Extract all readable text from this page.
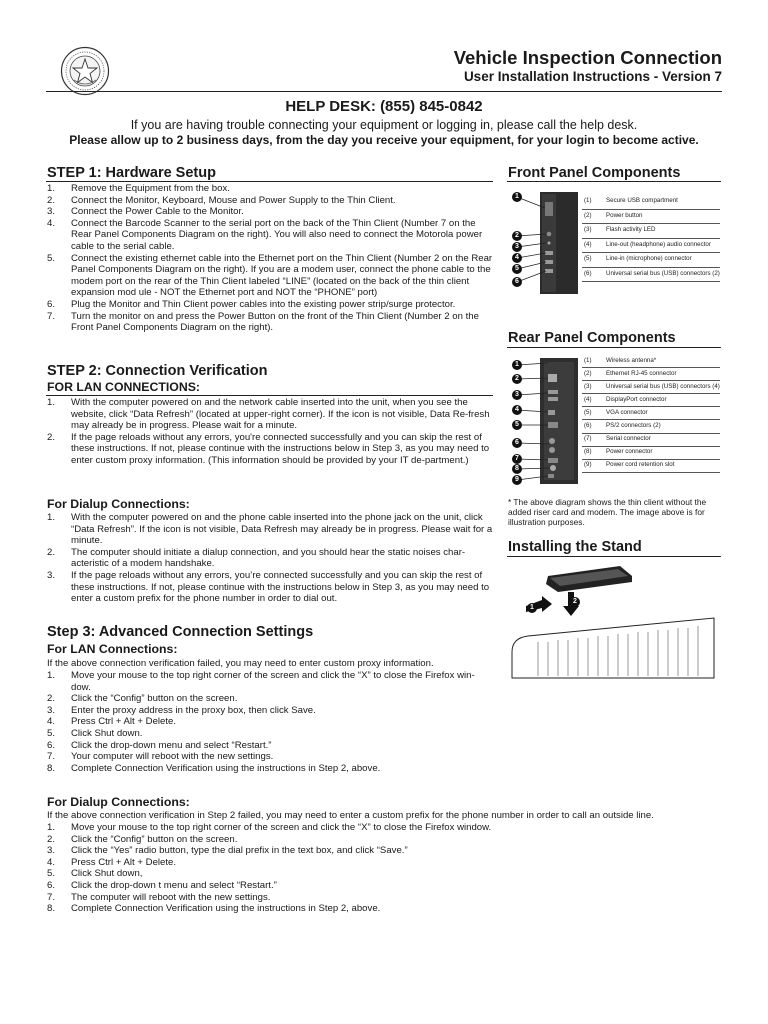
Vehicle Inspection Connection
User Installation Instructions - Version 7
HELP DESK: (855) 845-0842
If you are having trouble connecting your equipment or logging in, please call the help desk.
Please allow up to 2 business days, from the day you receive your equipment, for your login to become active.
STEP 1: Hardware Setup
1. Remove the Equipment from the box.
2. Connect the Monitor, Keyboard, Mouse and Power Supply to the Thin Client.
3. Connect the Power Cable to the Monitor.
4. Connect the Barcode Scanner to the serial port on the back of the Thin Client (Number 7 on the Rear Panel Components Diagram on the right). You will also need to connect the Motorola power cable to the serial cable.
5. Connect the existing ethernet cable into the Ethernet port on the Thin Client (Number 2 on the Rear Panel Components Diagram on the right). If you are a modem user, connect the phone cable to the modem port on the rear of the Thin Client labeled “LINE” (located on the back of the thin client expansion mod ule - NOT the Ethernet port and NOT the “PHONE” port)
6. Plug the Monitor and Thin Client power cables into the existing power strip/surge protector.
7. Turn the monitor on and press the Power Button on the front of the Thin Client (Number 2 on the Front Panel Components Diagram on the right).
STEP 2: Connection Verification
FOR LAN CONNECTIONS:
1. With the computer powered on and the network cable inserted into the unit, when you see the website, click “Data Refresh” (located at upper-right corner). If the icon is not visible, Data Re-fresh may already be in progress. Please wait for a minute.
2. If the page reloads without any errors, you're connected successfully and you can skip the rest of these instructions. If not, please continue with the instructions below in Step 3, as you may need to enter custom proxy information. (This information should be provided by your IT de-partment.)
For Dialup Connections:
1. With the computer powered on and the phone cable inserted into the phone jack on the unit, click “Data Refresh”. If the icon is not visible, Data Refresh may already be in progress. Please wait for a minute.
2. The computer should initiate a dialup connection, and you should hear the static noises char-acteristic of a modem handshake.
3. If the page reloads without any errors, you’re connected successfully and you can skip the rest of these instructions. If not, please continue with the instructions below in Step 3, as you may need to enter a custom prefix for the phone number in order to dial out.
Step 3: Advanced Connection Settings
For LAN Connections:

If the above connection verification failed, you may need to enter custom proxy information.

1. Move your mouse to the top right corner of the screen and click the “X” to close the Firefox win-dow.
2. Click the “Config” button on the screen.
3. Enter the proxy address in the proxy box, then click Save.
4. Press Ctrl + Alt + Delete.
5. Click Shut down.
6. Click the drop-down menu and select “Restart.”
7. Your computer will reboot with the new settings.
8. Complete Connection Verification using the instructions in Step 2, above.
For Dialup Connections:

If the above connection verification in Step 2 failed, you may need to enter a custom prefix for the phone number in order to call an outside line.

1. Move your mouse to the top right corner of the screen and click the “X” to close the Firefox window.
2. Click the “Config” button on the screen.
3. Click the “Yes” radio button, type the dial prefix in the text box, and click “Save.”
4. Press Ctrl + Alt + Delete.
5. Click Shut down,
6. Click the drop-down t menu and select “Restart.”
7. The computer will reboot with the new settings.
8. Complete Connection Verification using the instructions in Step 2, above.
Front Panel Components
1
2
3
4
5
6
(1) Secure USB compartment
(2) Power button
(3) Flash activity LED
(4) Line-out (headphone) audio connector
(5) Line-in (microphone) connector
(6) Universal serial bus (USB) connectors (2)
Rear Panel Components
1
2
3
4
5
6
7
8
9
(1) Wireless antenna*
(2) Ethernet RJ-45 connector
(3) Universal serial bus (USB) connectors (4)
(4) DisplayPort connector
(5) VGA connector
(6) PS/2 connectors (2)
(7) Serial connector
(8) Power connector
(9) Power cord retention slot
* The above diagram shows the thin client without the added riser card and modem. The image above is for illustration purposes.
Installing the Stand
1
2
